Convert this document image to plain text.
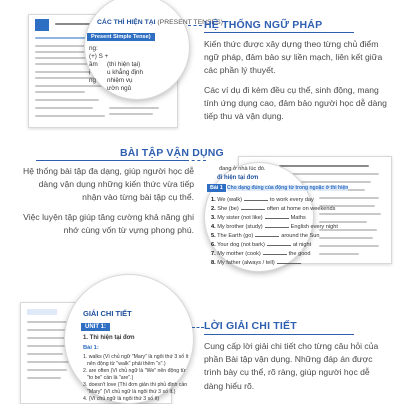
CÁC THÌ HIỆN TẠI (PRESENT TENSES)
Present Simple Tense)
ng:
(+) S +
ầm (thì hiện tại)
ị	u khẳng định
ng nhiệm vụ
ườn ngủ
HỆ THỐNG NGỮ PHÁP

Kiến thức được xây dựng theo từng chủ điểm ngữ pháp, đảm bảo sự liền mạch, liên kết giữa các phần lý thuyết.

Các ví dụ đi kèm đều cụ thể, sinh động, mang tính ứng dụng cao, đảm bảo người học dễ dàng tiếp thu và vận dụng.

BÀI TẬP VẬN DỤNG

Hệ thống bài tập đa dạng, giúp người học dễ dàng vận dụng những kiến thức vừa tiếp nhận vào từng bài tập cụ thể.

Việc luyện tập giúp tăng cường khả năng ghi nhớ cùng vốn từ vựng phong phú.

đang ở nhà lúc đó.
đi hiện tại đơn
Bài 1 Cho dạng đúng của động từ trong ngoặc ở thì hiện
1. We (walk)	to work every day
2. She (be)	often at home on weekends
3. My sister (not like)	Maths
4. My brother (study)	English every night
5. The Earth (go)	around the Sun
6. Your dog (not bark)	at night
7. My mother (cook)	the good
8. My father (always / tell)
GIẢI CHI TIẾT
UNIT 1:
1. Thì hiện tại đơn
Bài 1:
1. walks (Vì chủ ngữ "Mary" là ngôi thứ 3 số ít
nên động từ "walk" phải thêm "s".)
2. are often (Vì chủ ngữ là "We" nên động từ
"to be" cần là "are".)
3. doesn't love (Thì đơn giản thì phủ định cần
"Mary" (Vì chủ ngữ là ngôi thứ 3 số ít.)
4. (Vì chủ ngữ là ngôi thứ 3 số ít)
LỜI GIẢI CHI TIẾT

Cung cấp lời giải chi tiết cho từng câu hỏi của phần Bài tập vận dụng. Những đáp án được trình bày cụ thể, rõ ràng, giúp người học dễ dàng hiểu rõ.
